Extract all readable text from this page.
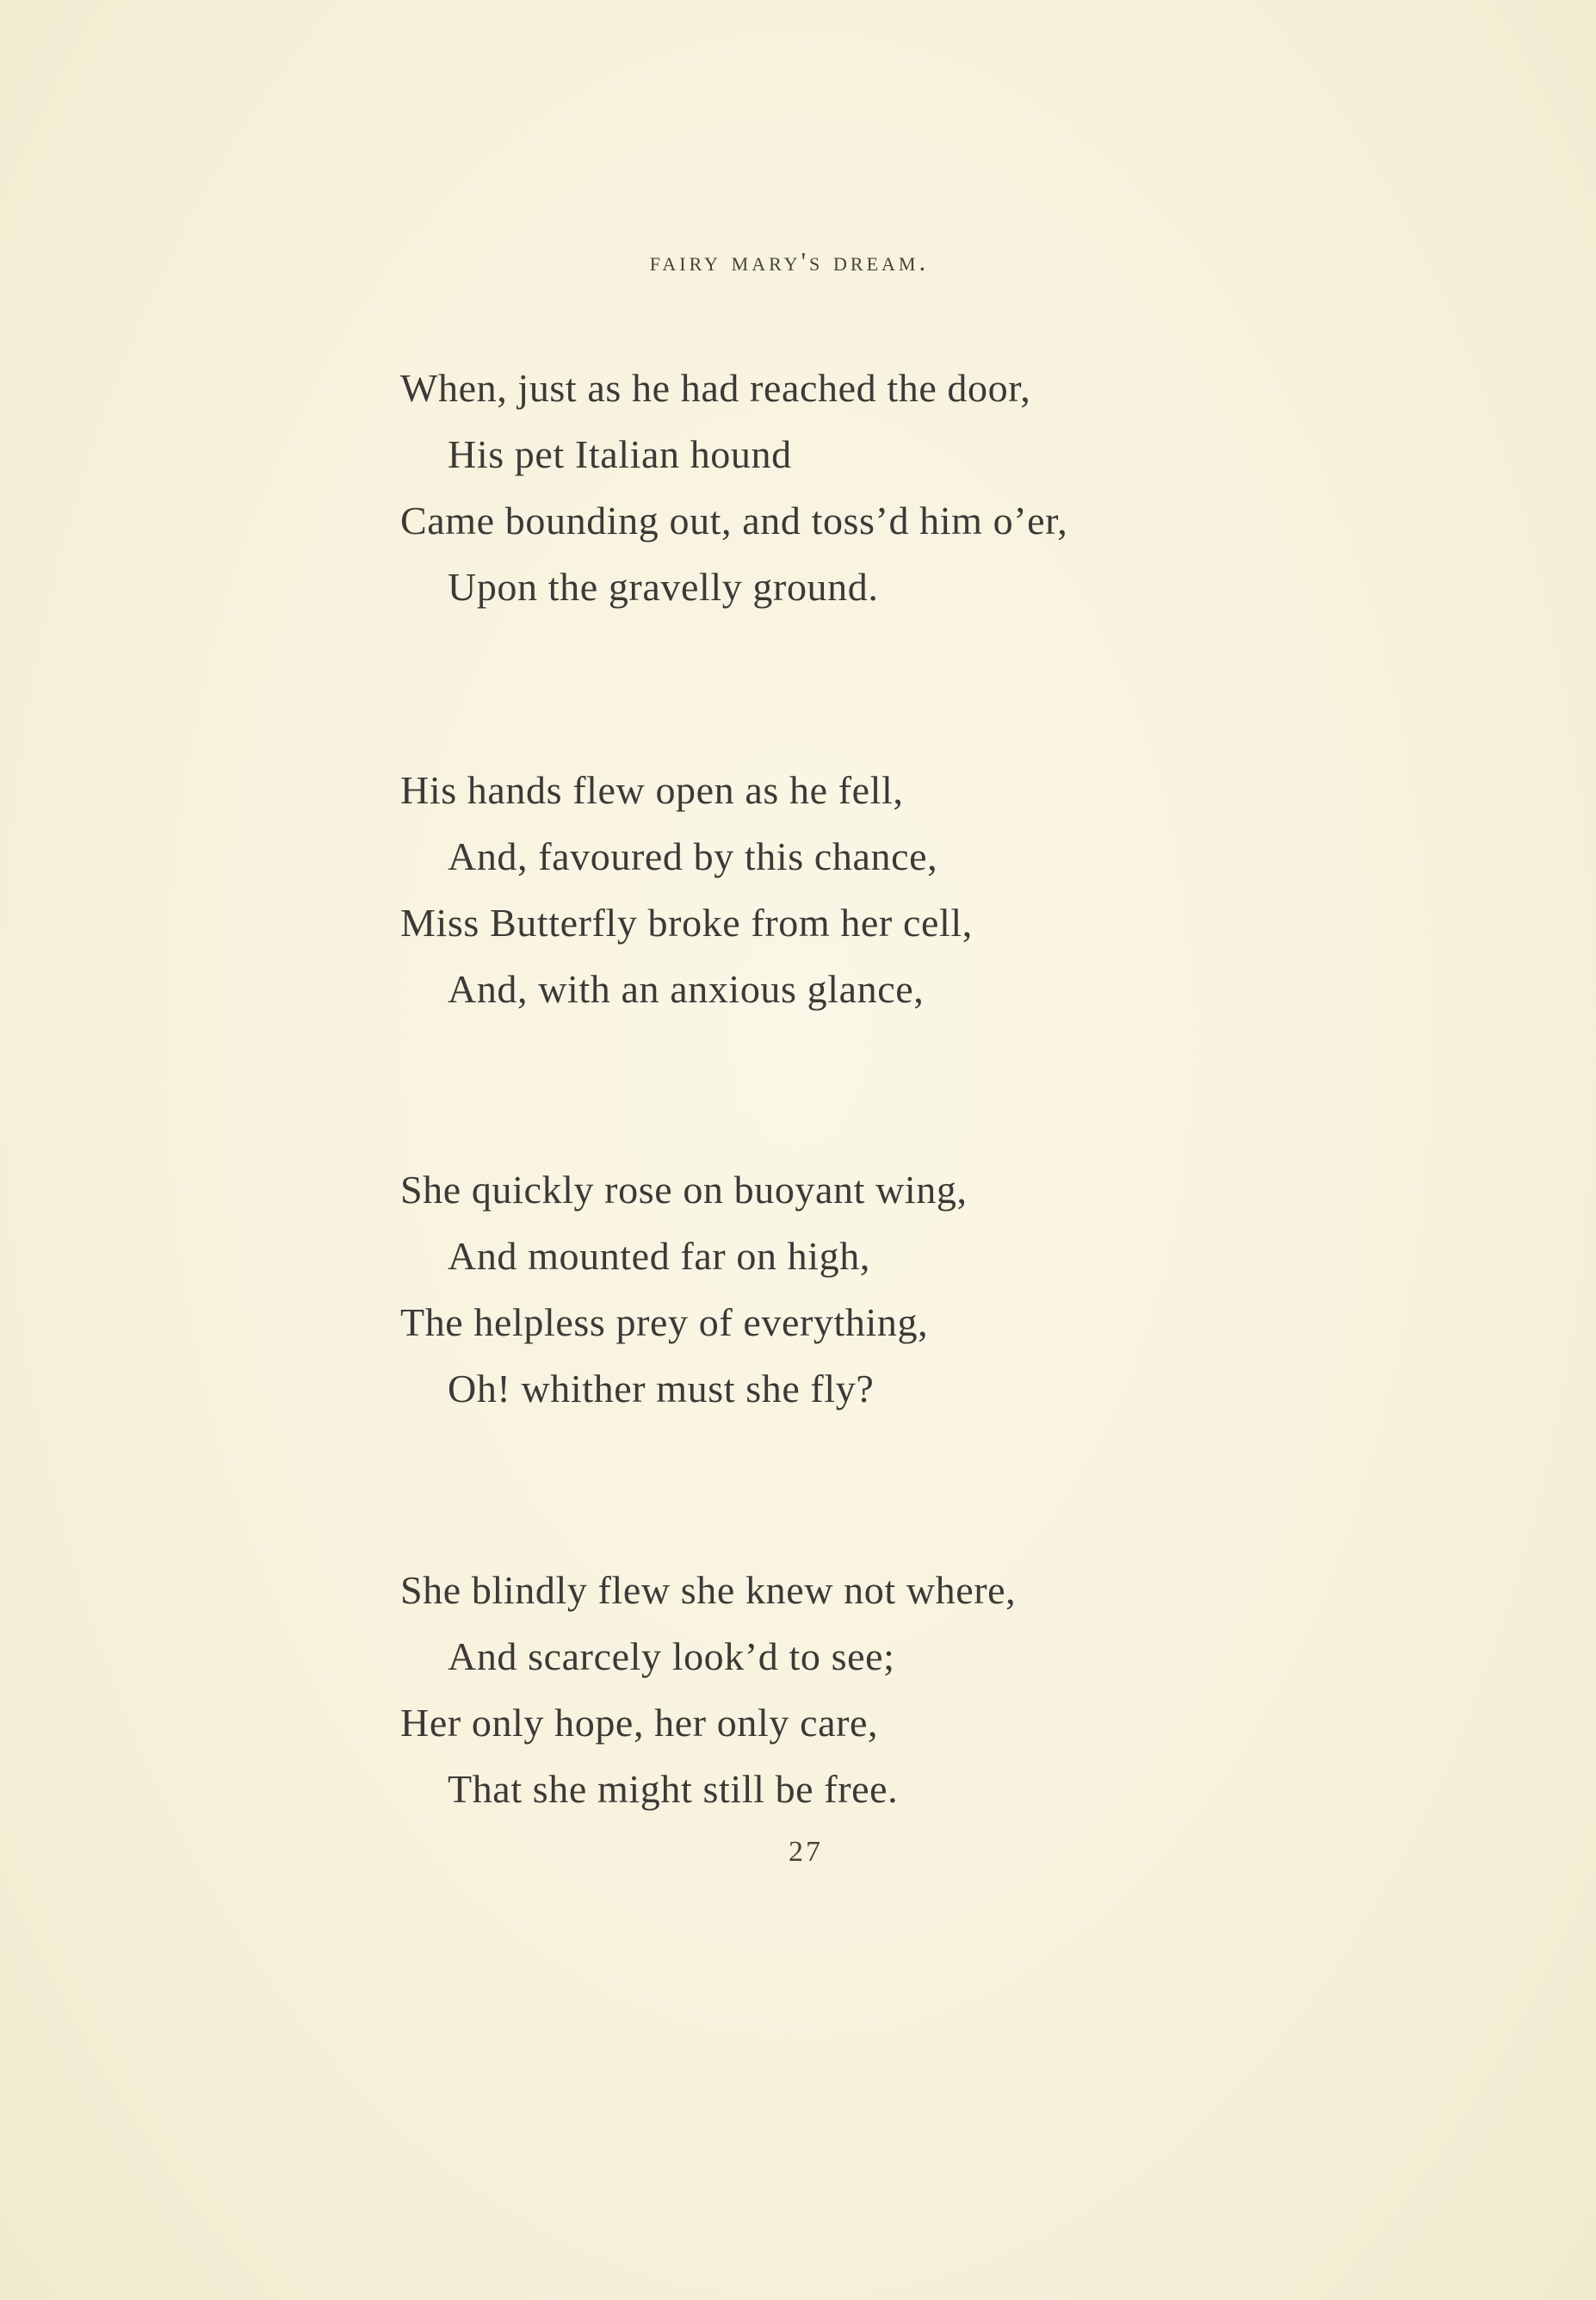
fairy mary's dream.
When, just as he had reached the door,
His pet Italian hound
Came bounding out, and toss’d him o’er,
Upon the gravelly ground.
His hands flew open as he fell,
And, favoured by this chance,
Miss Butterfly broke from her cell,
And, with an anxious glance,
She quickly rose on buoyant wing,
And mounted far on high,
The helpless prey of everything,
Oh! whither must she fly?
She blindly flew she knew not where,
And scarcely look’d to see;
Her only hope, her only care,
That she might still be free.
27
